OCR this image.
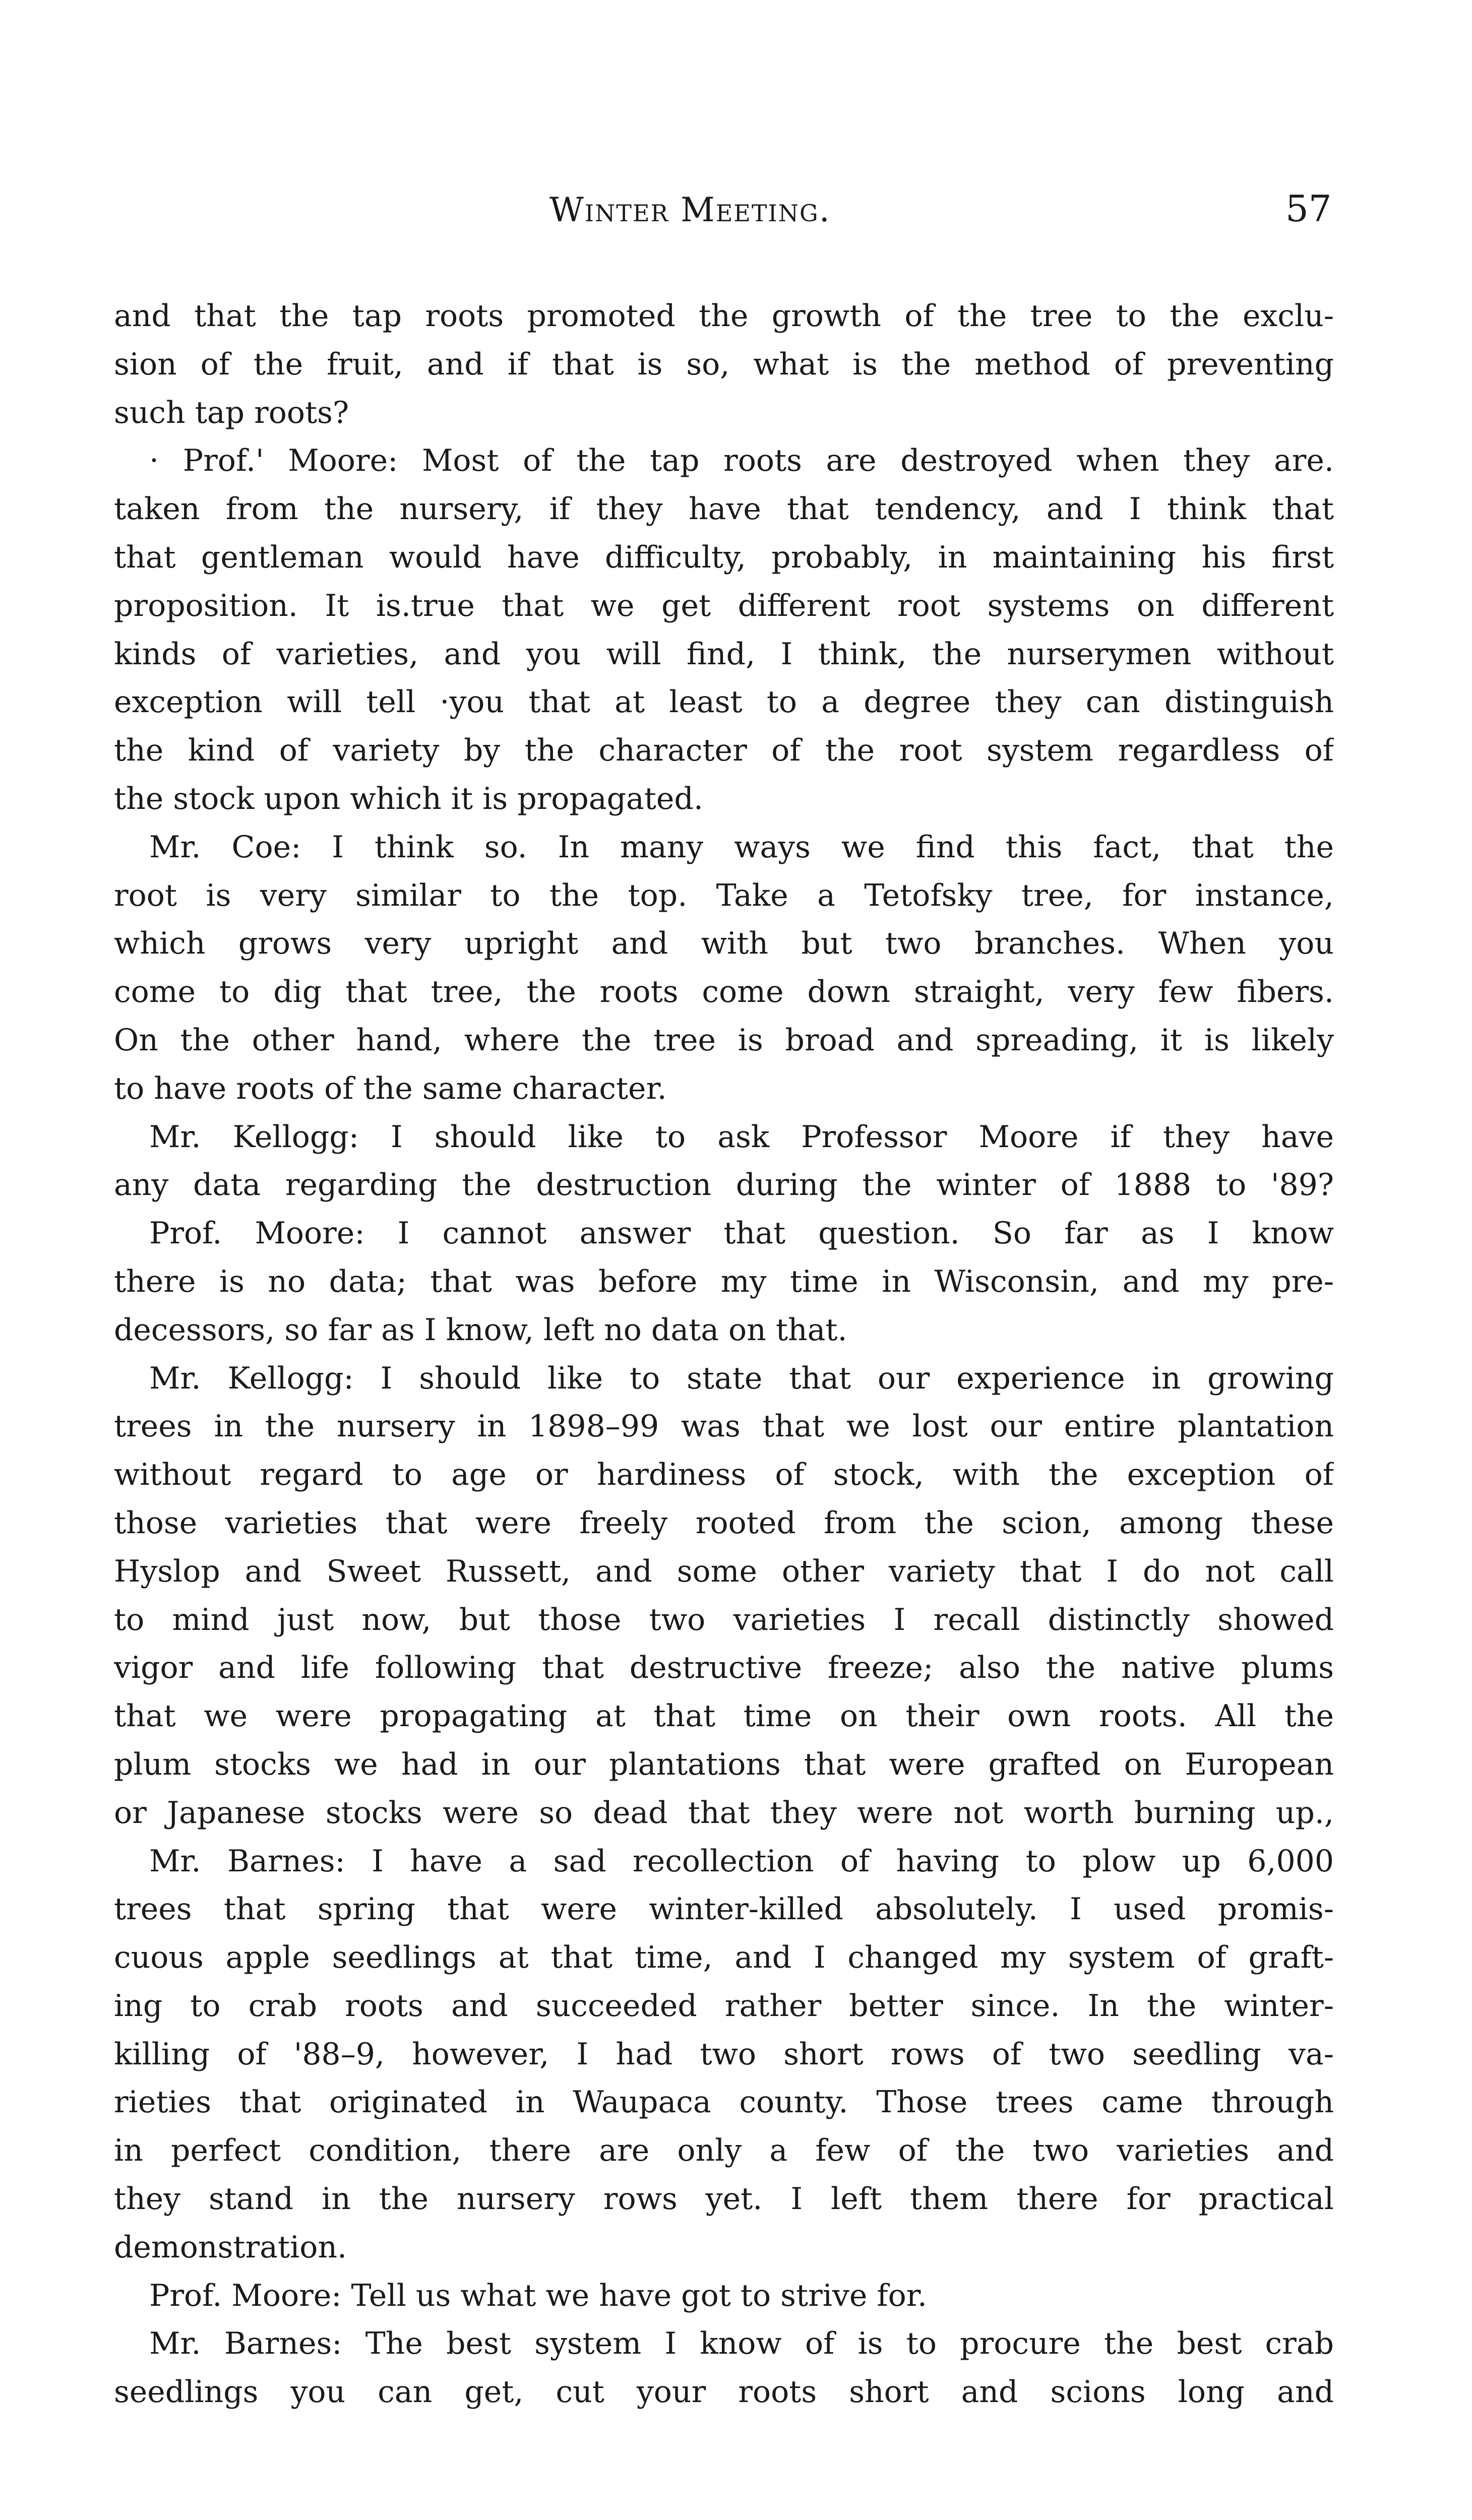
Winter Meeting.	57
and that the tap roots promoted the growth of the tree to the exclu-
sion of the fruit, and if that is so, what is the method of preventing
such tap roots?
· Prof.' Moore: Most of the tap roots are destroyed when they are.
taken from the nursery, if they have that tendency, and I think that
that gentleman would have difficulty, probably, in maintaining his first
proposition. It is.true that we get different root systems on different
kinds of varieties, and you will find, I think, the nurserymen without
exception will tell ·you that at least to a degree they can distinguish
the kind of variety by the character of the root system regardless of
the stock upon which it is propagated.
Mr. Coe: I think so. In many ways we find this fact, that the
root is very similar to the top. Take a Tetofsky tree, for instance,
which grows very upright and with but two branches. When you
come to dig that tree, the roots come down straight, very few fibers.
On the other hand, where the tree is broad and spreading, it is likely
to have roots of the same character.
Mr. Kellogg: I should like to ask Professor Moore if they have
any data regarding the destruction during the winter of 1888 to '89?
Prof. Moore: I cannot answer that question. So far as I know
there is no data; that was before my time in Wisconsin, and my pre-
decessors, so far as I know, left no data on that.
Mr. Kellogg: I should like to state that our experience in growing
trees in the nursery in 1898–99 was that we lost our entire plantation
without regard to age or hardiness of stock, with the exception of
those varieties that were freely rooted from the scion, among these
Hyslop and Sweet Russett, and some other variety that I do not call
to mind just now, but those two varieties I recall distinctly showed
vigor and life following that destructive freeze; also the native plums
that we were propagating at that time on their own roots. All the
plum stocks we had in our plantations that were grafted on European
or Japanese stocks were so dead that they were not worth burning up.,
Mr. Barnes: I have a sad recollection of having to plow up 6,000
trees that spring that were winter-killed absolutely. I used promis-
cuous apple seedlings at that time, and I changed my system of graft-
ing to crab roots and succeeded rather better since. In the winter-
killing of '88–9, however, I had two short rows of two seedling va-
rieties that originated in Waupaca county. Those trees came through
in perfect condition, there are only a few of the two varieties and
they stand in the nursery rows yet. I left them there for practical
demonstration.
Prof. Moore: Tell us what we have got to strive for.
Mr. Barnes: The best system I know of is to procure the best crab
seedlings you can get, cut your roots short and scions long and
